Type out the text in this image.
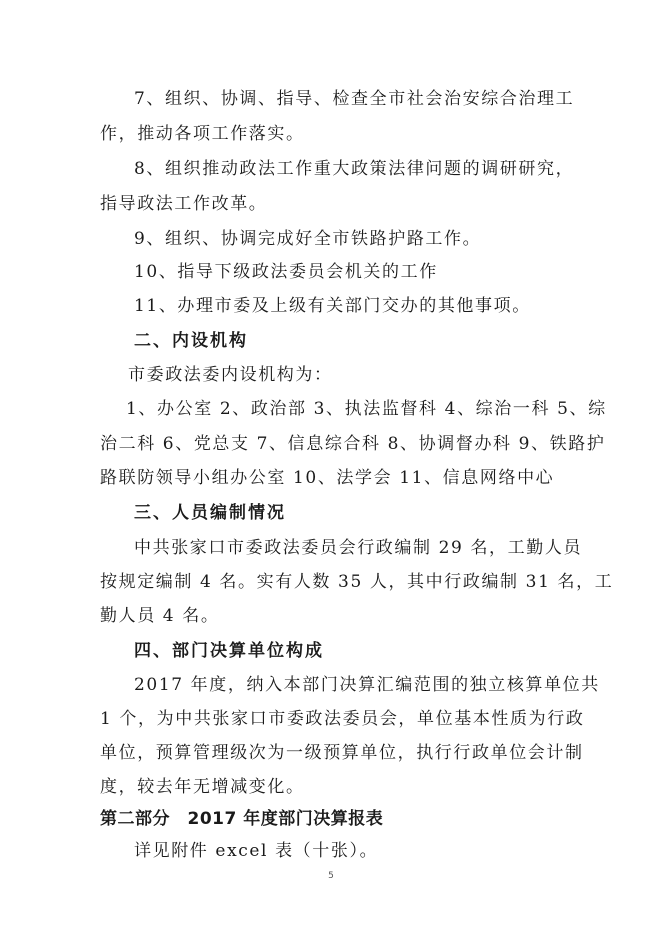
7、组织、协调、指导、检查全市社会治安综合治理工
作，推动各项工作落实。
8、组织推动政法工作重大政策法律问题的调研研究，
指导政法工作改革。
9、组织、协调完成好全市铁路护路工作。
10、指导下级政法委员会机关的工作
11、办理市委及上级有关部门交办的其他事项。
二、内设机构
市委政法委内设机构为：
1、办公室 2、政治部 3、执法监督科 4、综治一科 5、综
治二科 6、党总支 7、信息综合科 8、协调督办科 9、铁路护
路联防领导小组办公室 10、法学会 11、信息网络中心
三、人员编制情况
中共张家口市委政法委员会行政编制 29 名，工勤人员
按规定编制 4 名。实有人数 35 人，其中行政编制 31 名，工
勤人员 4 名。
四、部门决算单位构成
2017 年度，纳入本部门决算汇编范围的独立核算单位共
1 个，为中共张家口市委政法委员会，单位基本性质为行政
单位，预算管理级次为一级预算单位，执行行政单位会计制
度，较去年无增减变化。
第二部分　2017 年度部门决算报表
详见附件 excel 表（十张）。
5
